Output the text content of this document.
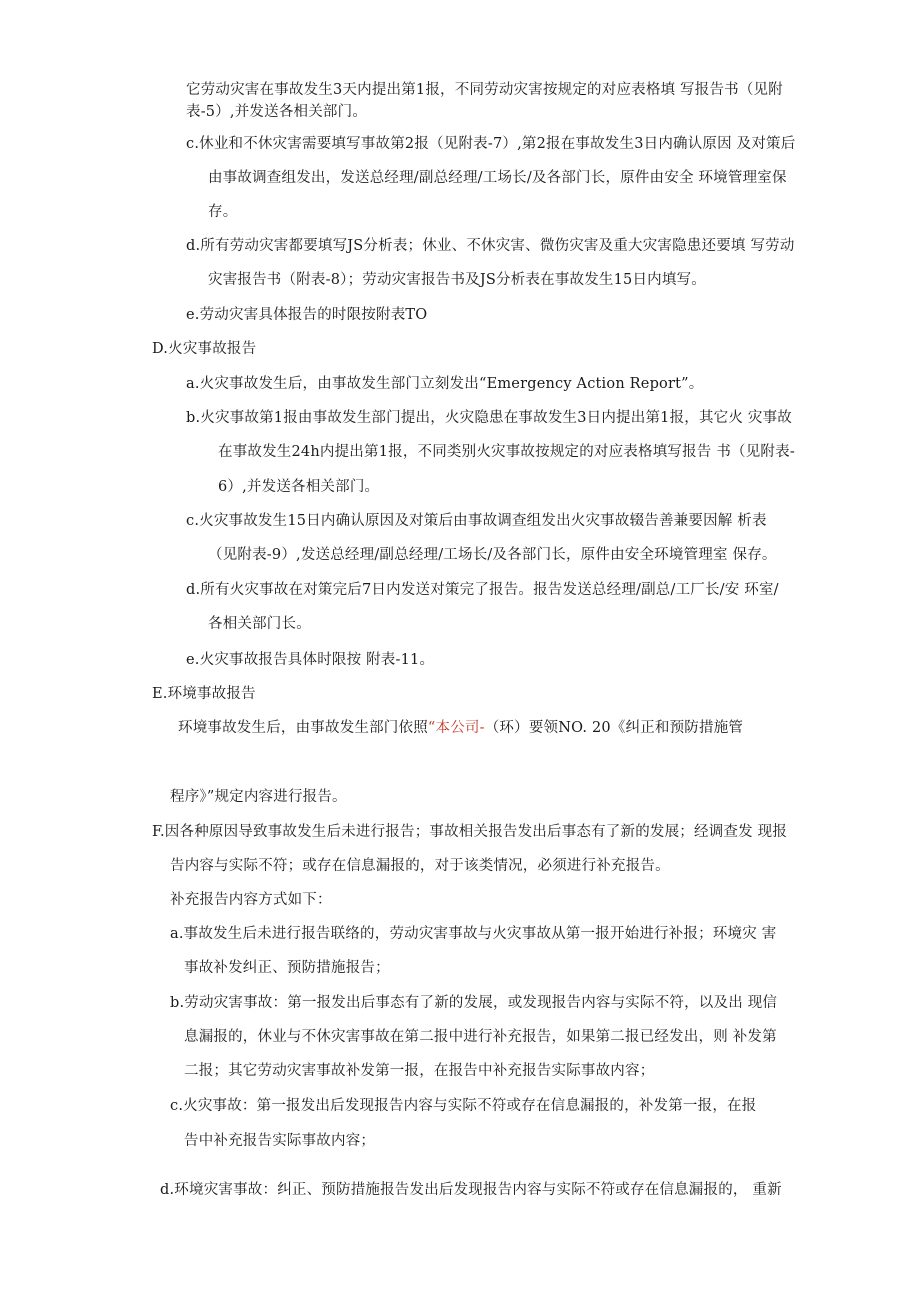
它劳动灾害在事故发生3天内提出第1报，不同劳动灾害按规定的对应表格填 写报告书（见附
表-5）,并发送各相关部门。
c.休业和不休灾害需要填写事故第2报（见附表-7）,第2报在事故发生3日内确认原因 及对策后
由事故调查组发出，发送总经理/副总经理/工场长/及各部门长，原件由安全 环境管理室保
存。
d.所有劳动灾害都要填写JS分析表；休业、不休灾害、微伤灾害及重大灾害隐患还要填 写劳动
灾害报告书（附表-8）；劳动灾害报告书及JS分析表在事故发生15日内填写。
e.劳动灾害具体报告的时限按附表TO
D.火灾事故报告
a.火灾事故发生后，由事故发生部门立刻发出“Emergency Action Report”。
b.火灾事故第1报由事故发生部门提出，火灾隐患在事故发生3日内提出第1报，其它火 灾事故
在事故发生24h内提出第1报，不同类别火灾事故按规定的对应表格填写报告 书（见附表-
6）,并发送各相关部门。
c.火灾事故发生15日内确认原因及对策后由事故调查组发出火灾事故辍告善兼要因解 析表
（见附表-9）,发送总经理/副总经理/工场长/及各部门长，原件由安全环境管理室 保存。
d.所有火灾事故在对策完后7日内发送对策完了报告。报告发送总经理/副总/工厂长/安 环室/
各相关部门长。
e.火灾事故报告具体时限按 附表-11。
E.环境事故报告
环境事故发生后，由事故发生部门依照“本公司-（环）要领NO. 20《纠正和预防措施管
程序》”规定内容进行报告。
F.因各种原因导致事故发生后未进行报告；事故相关报告发出后事态有了新的发展；经调查发 现报
告内容与实际不符；或存在信息漏报的，对于该类情况，必须进行补充报告。
补充报告内容方式如下：
a.事故发生后未进行报告联络的，劳动灾害事故与火灾事故从第一报开始进行补报；环境灾 害
事故补发纠正、预防措施报告；
b.劳动灾害事故：第一报发出后事态有了新的发展，或发现报告内容与实际不符，以及出 现信
息漏报的，休业与不休灾害事故在第二报中进行补充报告，如果第二报已经发出，则 补发第
二报；其它劳动灾害事故补发第一报，在报告中补充报告实际事故内容；
c.火灾事故：第一报发出后发现报告内容与实际不符或存在信息漏报的，补发第一报，在报
告中补充报告实际事故内容；
d.环境灾害事故：纠正、预防措施报告发出后发现报告内容与实际不符或存在信息漏报的， 重新
